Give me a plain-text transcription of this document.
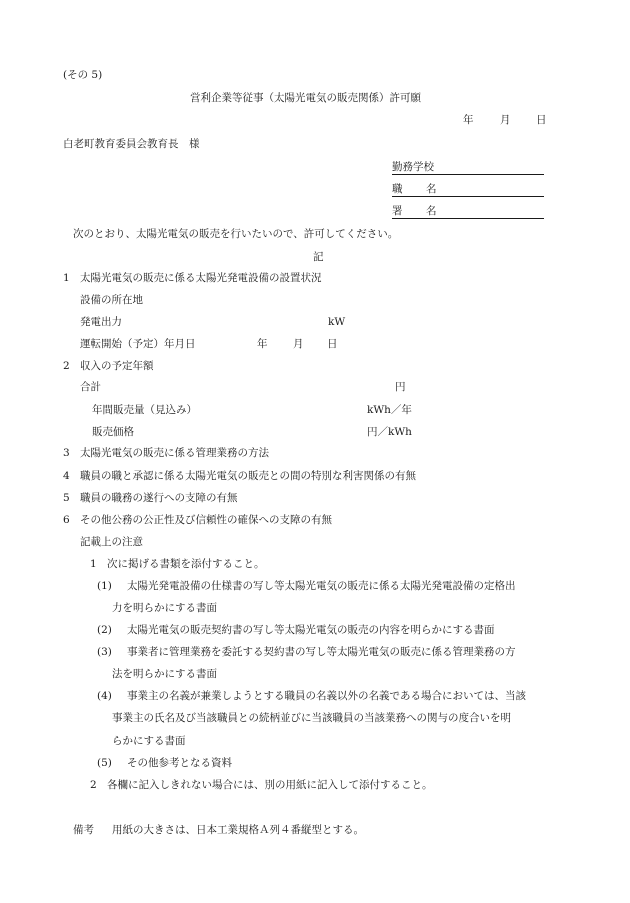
(その 5)
営利企業等従事（太陽光電気の販売関係）許可願
年	月 日
白老町教育委員会教育長　様
勤務学校
職 名
署 名
次のとおり、太陽光電気の販売を行いたいので、許可してください。
記
1 太陽光電気の販売に係る太陽光発電設備の設置状況
設備の所在地
発電出力	kW
運転開始（予定）年月日	年 月 日
2 収入の予定年額
合計	円
年間販売量（見込み）	kWh／年
販売価格	円／kWh
3 太陽光電気の販売に係る管理業務の方法
4 職員の職と承認に係る太陽光電気の販売との間の特別な利害関係の有無
5 職員の職務の遂行への支障の有無
6 その他公務の公正性及び信頼性の確保への支障の有無
記載上の注意
1 次に掲げる書類を添付すること。
(1) 太陽光発電設備の仕様書の写し等太陽光電気の販売に係る太陽光発電設備の定格出
力を明らかにする書面
(2) 太陽光電気の販売契約書の写し等太陽光電気の販売の内容を明らかにする書面
(3) 事業者に管理業務を委託する契約書の写し等太陽光電気の販売に係る管理業務の方
法を明らかにする書面
(4) 事業主の名義が兼業しようとする職員の名義以外の名義である場合においては、当該
事業主の氏名及び当該職員との続柄並びに当該職員の当該業務への関与の度合いを明
らかにする書面
(5) その他参考となる資料
2 各欄に記入しきれない場合には、別の用紙に記入して添付すること。
備考 用紙の大きさは、日本工業規格Ａ列４番縦型とする。
